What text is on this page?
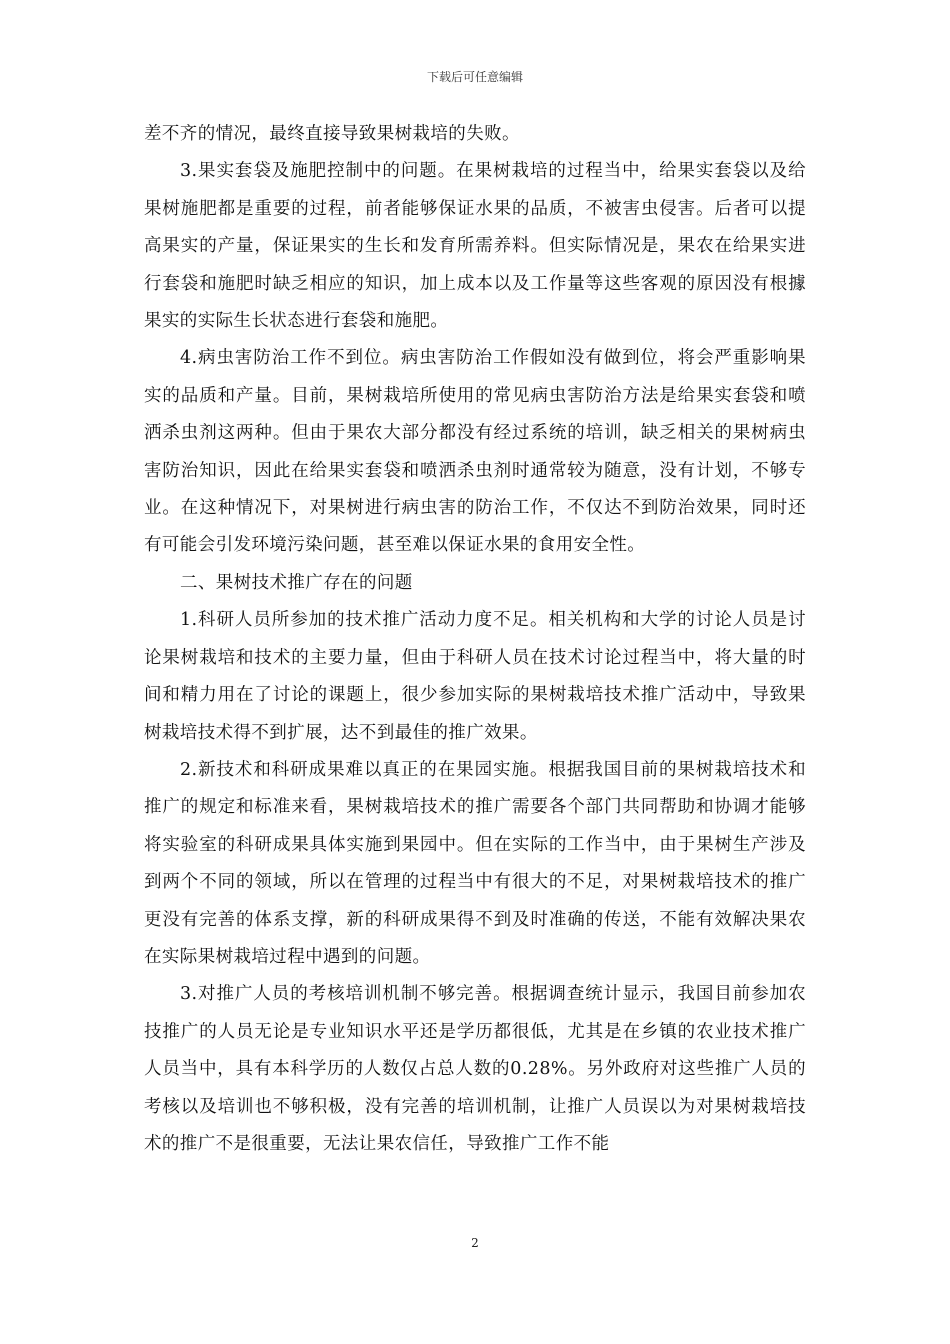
下载后可任意编辑

差不齐的情况，最终直接导致果树栽培的失败。

3.果实套袋及施肥控制中的问题。在果树栽培的过程当中，给果实套袋以及给果树施肥都是重要的过程，前者能够保证水果的品质，不被害虫侵害。后者可以提高果实的产量，保证果实的生长和发育所需养料。但实际情况是，果农在给果实进行套袋和施肥时缺乏相应的知识，加上成本以及工作量等这些客观的原因没有根據果实的实际生长状态进行套袋和施肥。

4.病虫害防治工作不到位。病虫害防治工作假如没有做到位，将会严重影响果实的品质和产量。目前，果树栽培所使用的常见病虫害防治方法是给果实套袋和喷洒杀虫剂这两种。但由于果农大部分都没有经过系统的培训，缺乏相关的果树病虫害防治知识，因此在给果实套袋和喷洒杀虫剂时通常较为随意，没有计划，不够专业。在这种情况下，对果树进行病虫害的防治工作，不仅达不到防治效果，同时还有可能会引发环境污染问题，甚至难以保证水果的食用安全性。

二、果树技术推广存在的问题

1.科研人员所参加的技术推广活动力度不足。相关机构和大学的讨论人员是讨论果树栽培和技术的主要力量，但由于科研人员在技术讨论过程当中，将大量的时间和精力用在了讨论的课题上，很少参加实际的果树栽培技术推广活动中，导致果树栽培技术得不到扩展，达不到最佳的推广效果。

2.新技术和科研成果难以真正的在果园实施。根据我国目前的果树栽培技术和推广的规定和标准来看，果树栽培技术的推广需要各个部门共同帮助和协调才能够将实验室的科研成果具体实施到果园中。但在实际的工作当中，由于果树生产涉及到两个不同的领域，所以在管理的过程当中有很大的不足，对果树栽培技术的推广更没有完善的体系支撑，新的科研成果得不到及时准确的传送，不能有效解决果农在实际果树栽培过程中遇到的问题。

3.对推广人员的考核培训机制不够完善。根据调查统计显示，我国目前参加农技推广的人员无论是专业知识水平还是学历都很低，尤其是在乡镇的农业技术推广人员当中，具有本科学历的人数仅占总人数的0.28%。另外政府对这些推广人员的考核以及培训也不够积极，没有完善的培训机制，让推广人员误以为对果树栽培技术的推广不是很重要，无法让果农信任，导致推广工作不能

2
